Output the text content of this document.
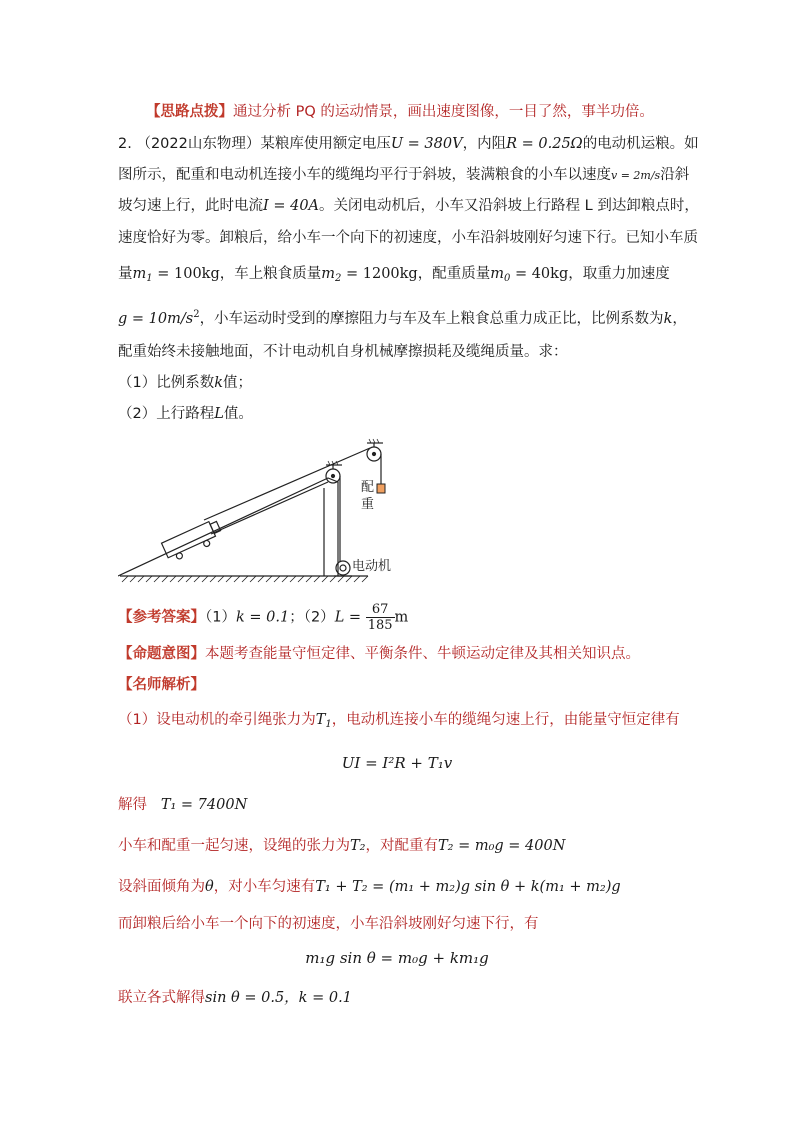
【思路点拨】通过分析 PQ 的运动情景，画出速度图像，一目了然，事半功倍。
2. （2022山东物理）某粮库使用额定电压U = 380V，内阻R = 0.25Ω的电动机运粮。如
图所示，配重和电动机连接小车的缆绳均平行于斜坡，装满粮食的小车以速度v = 2m/s沿斜
坡匀速上行，此时电流I = 40A。关闭电动机后，小车又沿斜坡上行路程 L 到达卸粮点时，
速度恰好为零。卸粮后，给小车一个向下的初速度，小车沿斜坡刚好匀速下行。已知小车质
量$m_1 = 100kg$，车上粮食质量$m_2 = 1200kg$，配重质量$m_0 = 40kg$，取重力加速度
$g = 10m/s^2$，小车运动时受到的摩擦阻力与车及车上粮食总重力成正比，比例系数为k，
配重始终未接触地面，不计电动机自身机械摩擦损耗及缆绳质量。求：
（1）比例系数k值；
（2）上行路程L值。
配
重
电动机
【参考答案】（1）k = 0.1；$(2)L = \frac{67}{185}$ m
【命题意图】本题考查能量守恒定律、平衡条件、牛顿运动定律及其相关知识点。
【名师解析】
（1）设电动机的牵引绳张力为$T_1$，电动机连接小车的缆绳匀速上行，由能量守恒定律有
UI = I²R + T₁v
解得 T₁ = 7400N
小车和配重一起匀速，设绳的张力为T₂，对配重有T₂ = m₀g = 400N
设斜面倾角为θ，对小车匀速有T₁ + T₂ = (m₁ + m₂)g sin θ + k(m₁ + m₂)g
而卸粮后给小车一个向下的初速度，小车沿斜坡刚好匀速下行，有
m₁g sin θ = m₀g + km₁g
联立各式解得sin θ = 0.5，k = 0.1
